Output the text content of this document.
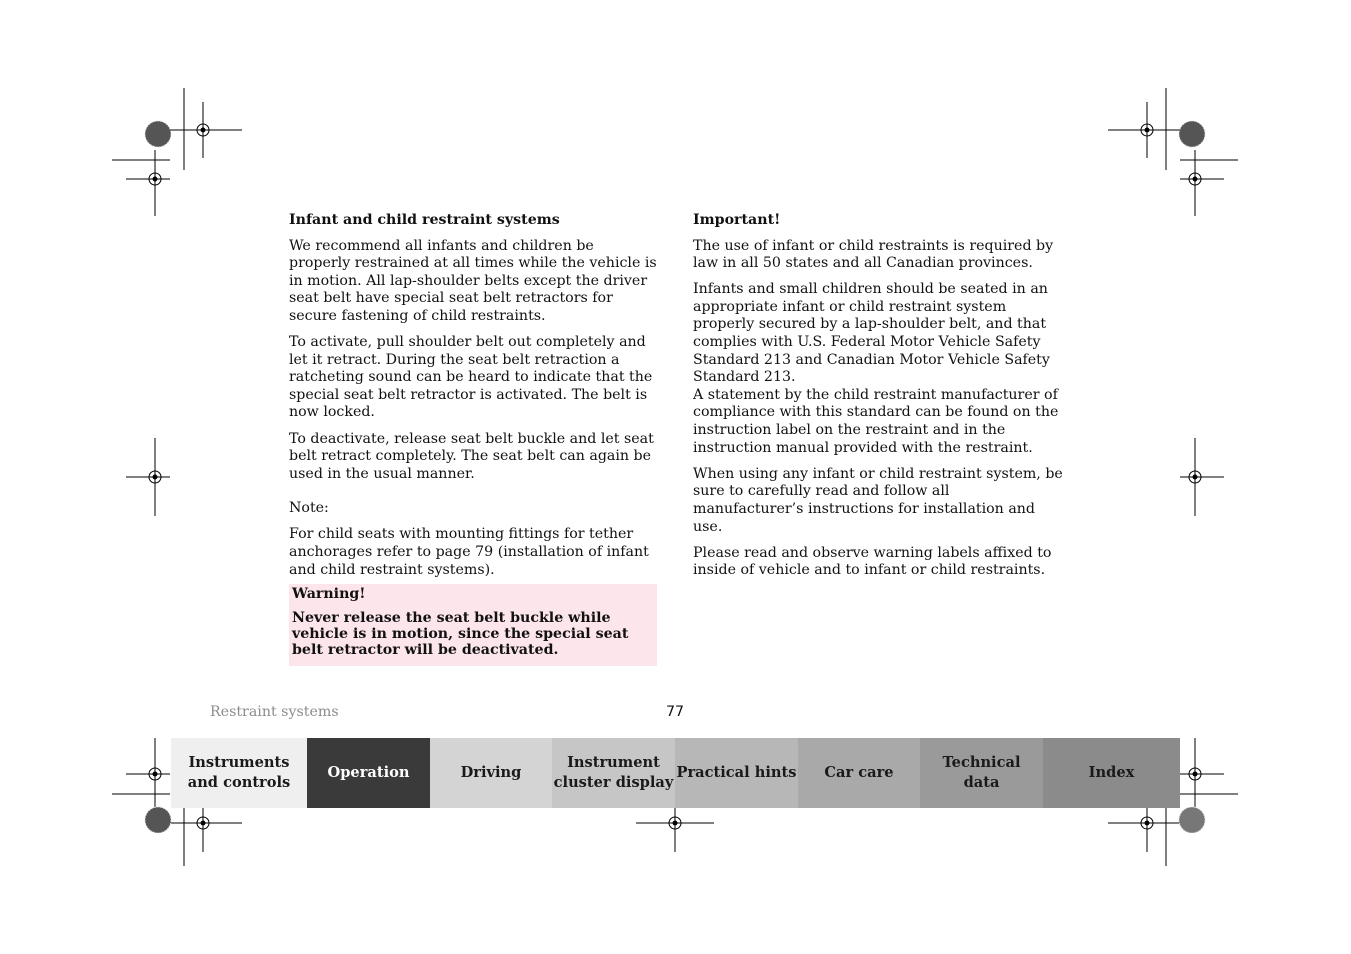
Infant and child restraint systems

We recommend all infants and children be properly restrained at all times while the vehicle is in motion. All lap-shoulder belts except the driver seat belt have special seat belt retractors for secure fastening of child restraints.

To activate, pull shoulder belt out completely and let it retract. During the seat belt retraction a ratcheting sound can be heard to indicate that the special seat belt retractor is activated. The belt is now locked.

To deactivate, release seat belt buckle and let seat belt retract completely. The seat belt can again be used in the usual manner.

Note:

For child seats with mounting fittings for tether anchorages refer to page 79 (installation of infant and child restraint systems).

Warning!

Never release the seat belt buckle while vehicle is in motion, since the special seat belt retractor will be deactivated.

Important!

The use of infant or child restraints is required by law in all 50 states and all Canadian provinces.

Infants and small children should be seated in an appropriate infant or child restraint system properly secured by a lap-shoulder belt, and that complies with U.S. Federal Motor Vehicle Safety Standard 213 and Canadian Motor Vehicle Safety Standard 213.

A statement by the child restraint manufacturer of compliance with this standard can be found on the instruction label on the restraint and in the instruction manual provided with the restraint.

When using any infant or child restraint system, be sure to carefully read and follow all manufacturer’s instructions for installation and use.

Please read and observe warning labels affixed to inside of vehicle and to infant or child restraints.

Restraint systems	77
Instruments
and controls
Operation	Driving
Instrument
cluster display
Practical hints Car care
Technical
data
Index
